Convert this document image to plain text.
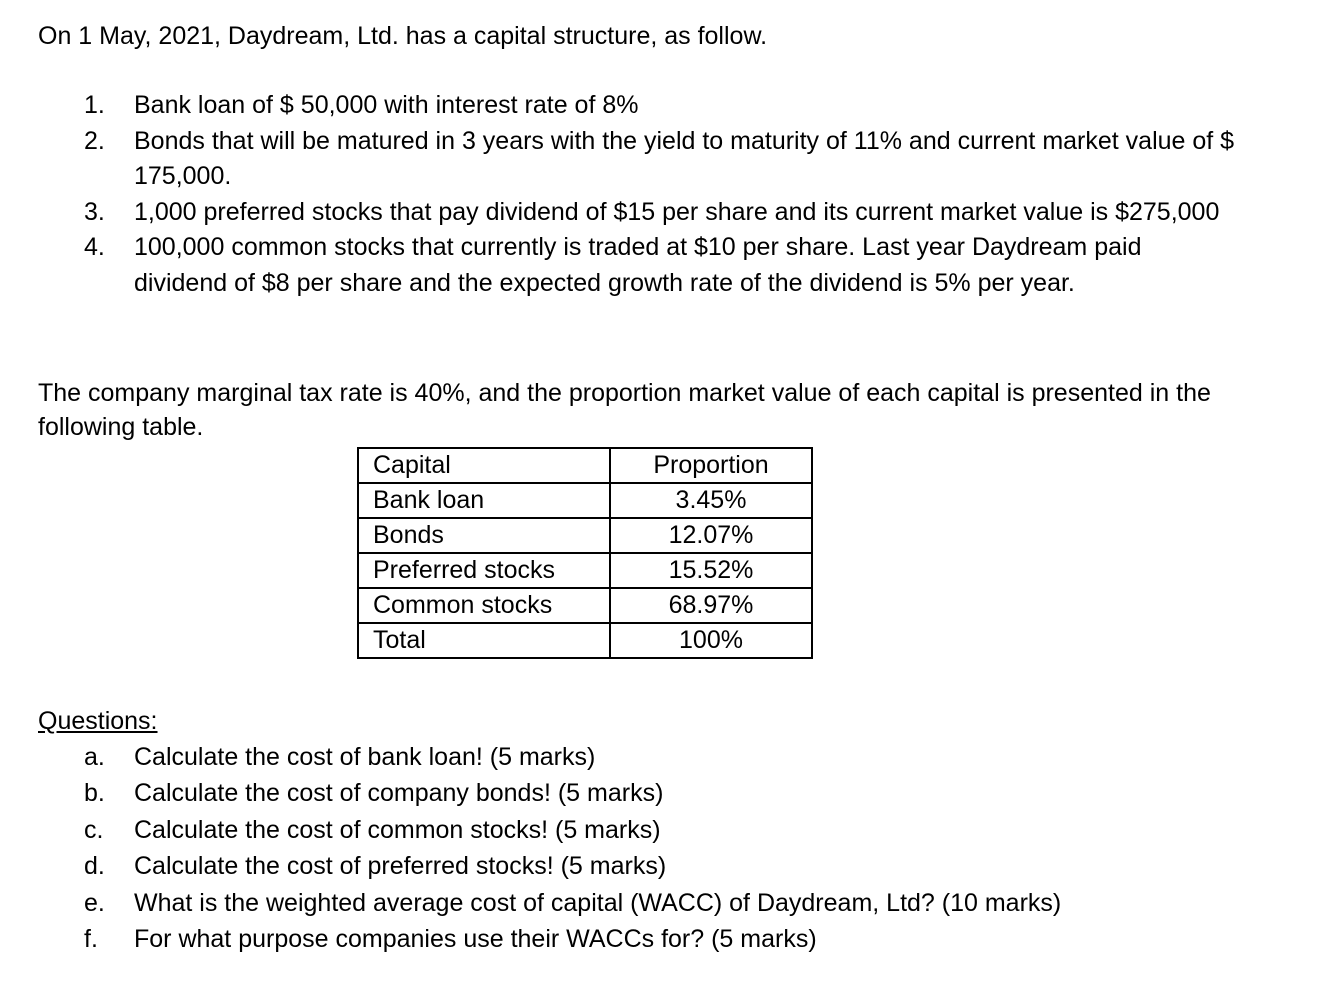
On 1 May, 2021, Daydream, Ltd. has a capital structure, as follow.
1. Bank loan of $ 50,000 with interest rate of 8%
2. Bonds that will be matured in 3 years with the yield to maturity of 11% and current market value of $ 175,000.
3. 1,000 preferred stocks that pay dividend of $15 per share and its current market value is $275,000
4. 100,000 common stocks that currently is traded at $10 per share. Last year Daydream paid dividend of $8 per share and the expected growth rate of the dividend is 5% per year.
The company marginal tax rate is 40%, and the proportion market value of each capital is presented in the following table.
Capital	Proportion
Bank loan	3.45%
Bonds	12.07%
Preferred stocks	15.52%
Common stocks	68.97%
Total	100%
Questions:
a. Calculate the cost of bank loan! (5 marks)
b. Calculate the cost of company bonds! (5 marks)
c. Calculate the cost of common stocks! (5 marks)
d. Calculate the cost of preferred stocks! (5 marks)
e. What is the weighted average cost of capital (WACC) of Daydream, Ltd? (10 marks)
f. For what purpose companies use their WACCs for? (5 marks)
